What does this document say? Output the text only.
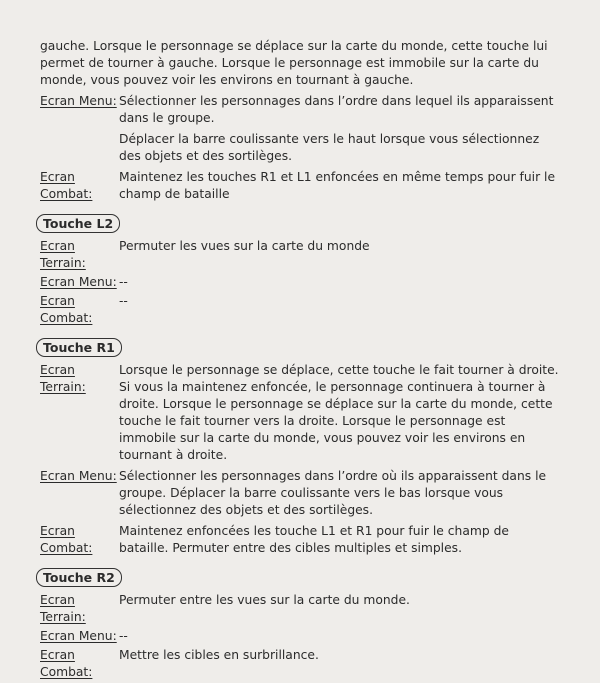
gauche. Lorsque le personnage se déplace sur la carte du monde, cette touche lui permet de tourner à gauche. Lorsque le personnage est immobile sur la carte du monde, vous pouvez voir les environs en tournant à gauche.

Ecran Menu: Sélectionner les personnages dans l’ordre dans lequel ils apparaissent dans le groupe.

Déplacer la barre coulissante vers le haut lorsque vous sélectionnez des objets et des sortilèges.

Ecran Combat:
Maintenez les touches R1 et L1 enfoncées en même temps pour fuir le champ de bataille
Touche L2
Ecran Terrain:
Permuter les vues sur la carte du monde
Ecran Menu: --
Ecran Combat:
--
Touche R1
Ecran Terrain:
Lorsque le personnage se déplace, cette touche le fait tourner à droite. Si vous la maintenez enfoncée, le personnage continuera à tourner à droite. Lorsque le personnage se déplace sur la carte du monde, cette touche le fait tourner vers la droite. Lorsque le personnage est immobile sur la carte du monde, vous pouvez voir les environs en tournant à droite.
Ecran Menu: Sélectionner les personnages dans l’ordre où ils apparaissent dans le groupe. Déplacer la barre coulissante vers le bas lorsque vous sélectionnez des objets et des sortilèges.
Ecran Combat:
Maintenez enfoncées les touche L1 et R1 pour fuir le champ de bataille. Permuter entre des cibles multiples et simples.
Touche R2
Ecran Terrain:
Permuter entre les vues sur la carte du monde.
Ecran Menu: --
Ecran Combat:
Mettre les cibles en surbrillance.
